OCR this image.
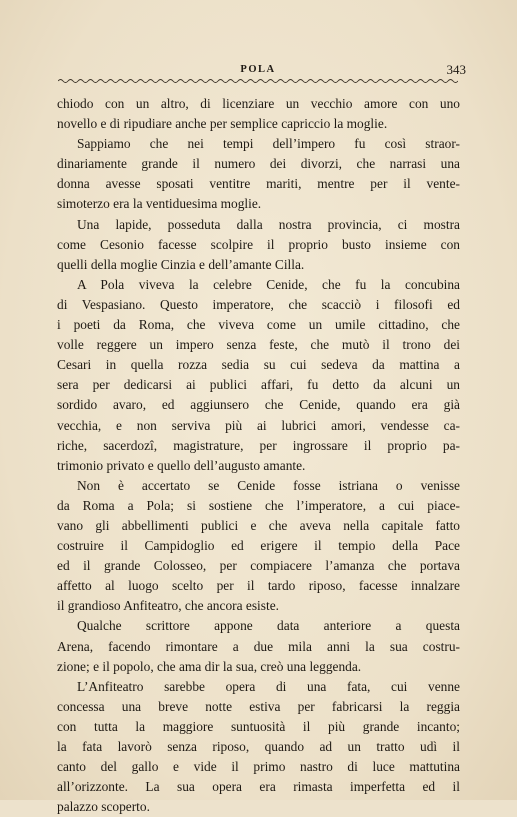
POLA	343

chiodo con un altro, di licenziare un vecchio amore con uno

novello e di ripudiare anche per semplice capriccio la moglie.

Sappiamo che nei tempi dell’impero fu così straor-

dinariamente grande il numero dei divorzi, che narrasi una

donna avesse sposati ventitre mariti, mentre per il vente-

simoterzo era la ventiduesima moglie.

Una lapide, posseduta dalla nostra provincia, ci mostra

come Cesonio facesse scolpire il proprio busto insieme con

quelli della moglie Cinzia e dell’amante Cilla.

A Pola viveva la celebre Cenide, che fu la concubina

di Vespasiano. Questo imperatore, che scacciò i filosofi ed

i poeti da Roma, che viveva come un umile cittadino, che

volle reggere un impero senza feste, che mutò il trono dei

Cesari in quella rozza sedia su cui sedeva da mattina a

sera per dedicarsi ai publici affari, fu detto da alcuni un

sordido avaro, ed aggiunsero che Cenide, quando era già

vecchia, e non serviva più ai lubrici amori, vendesse ca-

riche, sacerdozî, magistrature, per ingrossare il proprio pa-

trimonio privato e quello dell’augusto amante.

Non è accertato se Cenide fosse istriana o venisse

da Roma a Pola; si sostiene che l’imperatore, a cui piace-

vano gli abbellimenti publici e che aveva nella capitale fatto

costruire il Campidoglio ed erigere il tempio della Pace

ed il grande Colosseo, per compiacere l’amanza che portava

affetto al luogo scelto per il tardo riposo, facesse innalzare

il grandioso Anfiteatro, che ancora esiste.

Qualche scrittore appone data anteriore a questa

Arena, facendo rimontare a due mila anni la sua costru-

zione; e il popolo, che ama dir la sua, creò una leggenda.

L’Anfiteatro sarebbe opera di una fata, cui venne

concessa una breve notte estiva per fabricarsi la reggia

con tutta la maggiore suntuosità il più grande incanto;

la fata lavorò senza riposo, quando ad un tratto udì il

canto del gallo e vide il primo nastro di luce mattutina

all’orizzonte. La sua opera era rimasta imperfetta ed il

palazzo scoperto.
